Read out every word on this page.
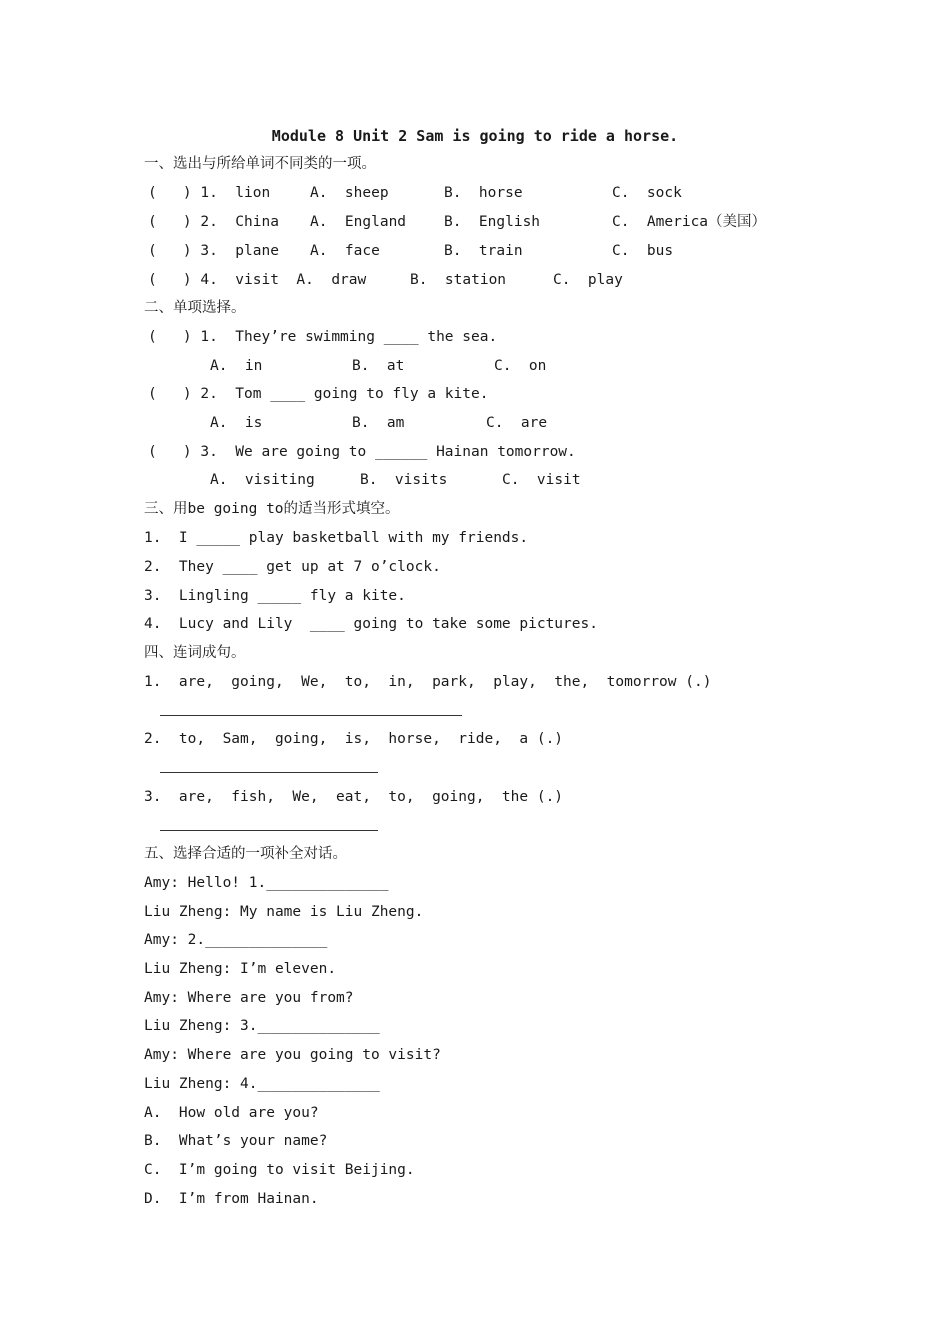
Module 8 Unit 2 Sam is going to ride a horse.
一、选出与所给单词不同类的一项。
(   ) 1.  lion	A.  sheep	B.  horse	C.  sock
(   ) 2.  China A.  England	B.  English	C.  America（美国）
(   ) 3.  plane A.  face	B.  train	C.  bus
(   ) 4.  visit  A.  draw	B.  station	C.  play
二、单项选择。
(   ) 1.  They’re swimming ____ the sea.
A.  in	B.  at	C.  on
(   ) 2.  Tom ____ going to fly a kite.
A.  is	B.  am	C.  are
(   ) 3.  We are going to ______ Hainan tomorrow.
A.  visiting	B.  visits	C.  visit
三、用be going to的适当形式填空。
1.  I _____ play basketball with my friends.
2.  They ____ get up at 7 o’clock.
3.  Lingling _____ fly a kite.
4.  Lucy and Lily  ____ going to take some pictures.
四、连词成句。
1.  are,  going,  We,  to,  in,  park,  play,  the,  tomorrow (.)
2.  to,  Sam,  going,  is,  horse,  ride,  a (.)
3.  are,  fish,  We,  eat,  to,  going,  the (.)
五、选择合适的一项补全对话。
Amy: Hello! 1.______________
Liu Zheng: My name is Liu Zheng.
Amy: 2.______________
Liu Zheng: I’m eleven.
Amy: Where are you from?
Liu Zheng: 3.______________
Amy: Where are you going to visit?
Liu Zheng: 4.______________
A.  How old are you?
B.  What’s your name?
C.  I’m going to visit Beijing.
D.  I’m from Hainan.
